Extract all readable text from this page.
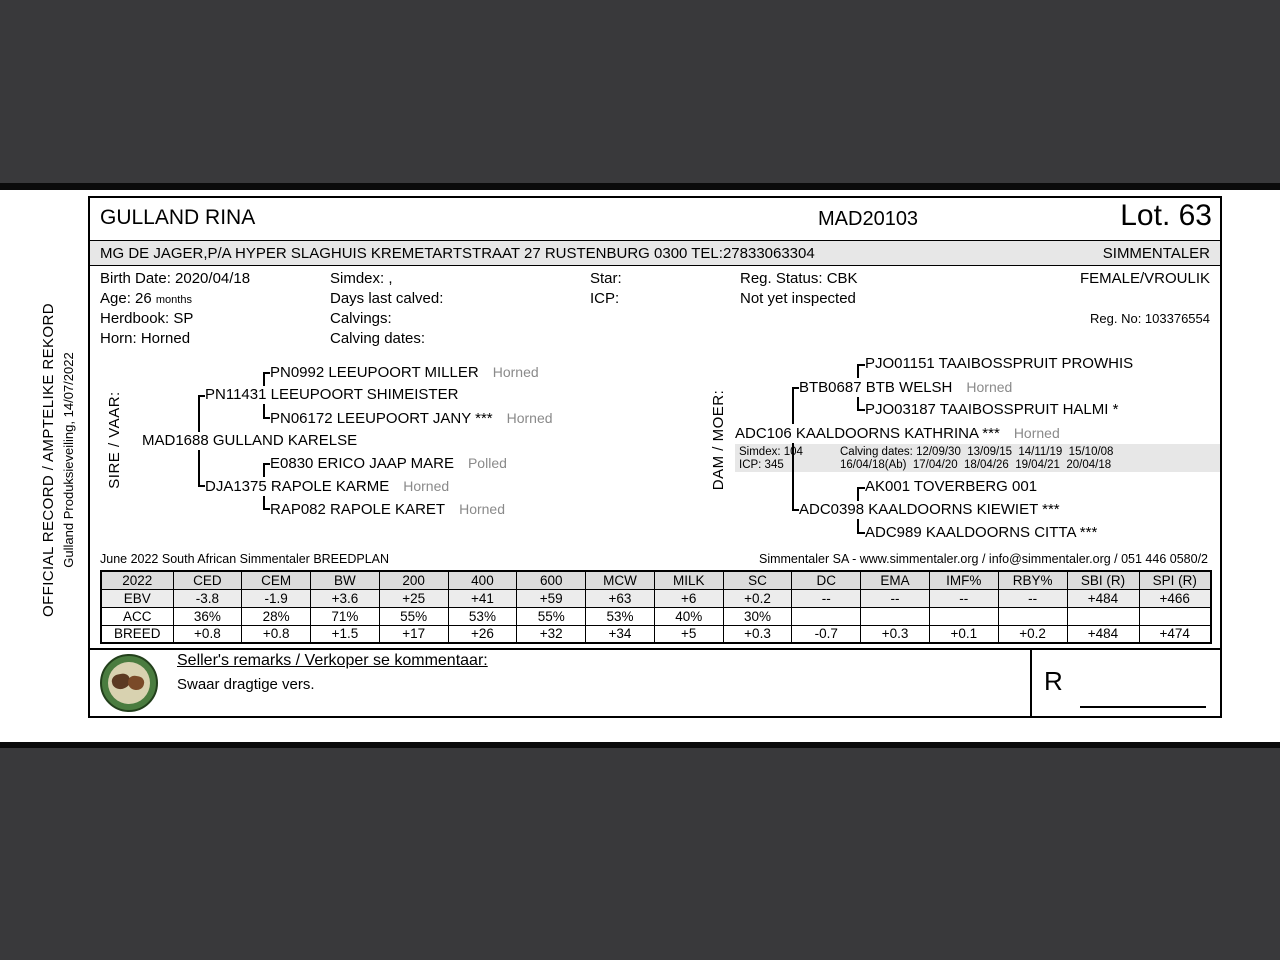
OFFICIAL RECORD / AMPTELIKE REKORD Gulland Produksieveiling, 14/07/2022
GULLAND RINA	MAD20103	Lot. 63
MG DE JAGER,P/A HYPER SLAGHUIS KREMETARTSTRAAT 27 RUSTENBURG 0300 TEL:27833063304	SIMMENTALER
Birth Date: 2020/04/18
Age: 26 months
Herdbook: SP
Horn: Horned
Simdex: ,
Days last calved:
Calvings:
Calving dates:
Star:
ICP:
Reg. Status: CBK
Not yet inspected
FEMALE/VROULIK
Reg. No: 103376554
SIRE / VAAR:
PN0992 LEEUPOORT MILLER Horned
PN11431 LEEUPOORT SHIMEISTER
PN06172 LEEUPOORT JANY *** Horned
MAD1688 GULLAND KARELSE
E0830 ERICO JAAP MARE Polled
DJA1375 RAPOLE KARME Horned
RAP082 RAPOLE KARET Horned
DAM / MOER: Simdex: 104	Calving dates: 12/09/30  13/09/15  14/11/19  15/10/08
ICP: 345	16/04/18(Ab)  17/04/20  18/04/26  19/04/21  20/04/18
PJO01151 TAAIBOSSPRUIT PROWHIS
BTB0687 BTB WELSH Horned
PJO03187 TAAIBOSSPRUIT HALMI *
ADC106 KAALDOORNS KATHRINA *** Horned
AK001 TOVERBERG 001
ADC0398 KAALDOORNS KIEWIET ***
ADC989 KAALDOORNS CITTA ***
June 2022 South African Simmentaler BREEDPLAN	Simmentaler SA - www.simmentaler.org / info@simmentaler.org / 051 446 0580/2
2022	CED	CEM	BW	200	400	600	MCW	MILK	SC	DC	EMA	IMF%	RBY%	SBI (R)	SPI (R)
EBV	-3.8	-1.9	+3.6	+25	+41	+59	+63	+6	+0.2	--	--	--	--	+484	+466
ACC	36%	28%	71%	55%	53%	55%	53%	40%	30%						
BREED	+0.8	+0.8	+1.5	+17	+26	+32	+34	+5	+0.3	-0.7	+0.3	+0.1	+0.2	+484	+474
Seller's remarks / Verkoper se kommentaar:
Swaar dragtige vers.	R
